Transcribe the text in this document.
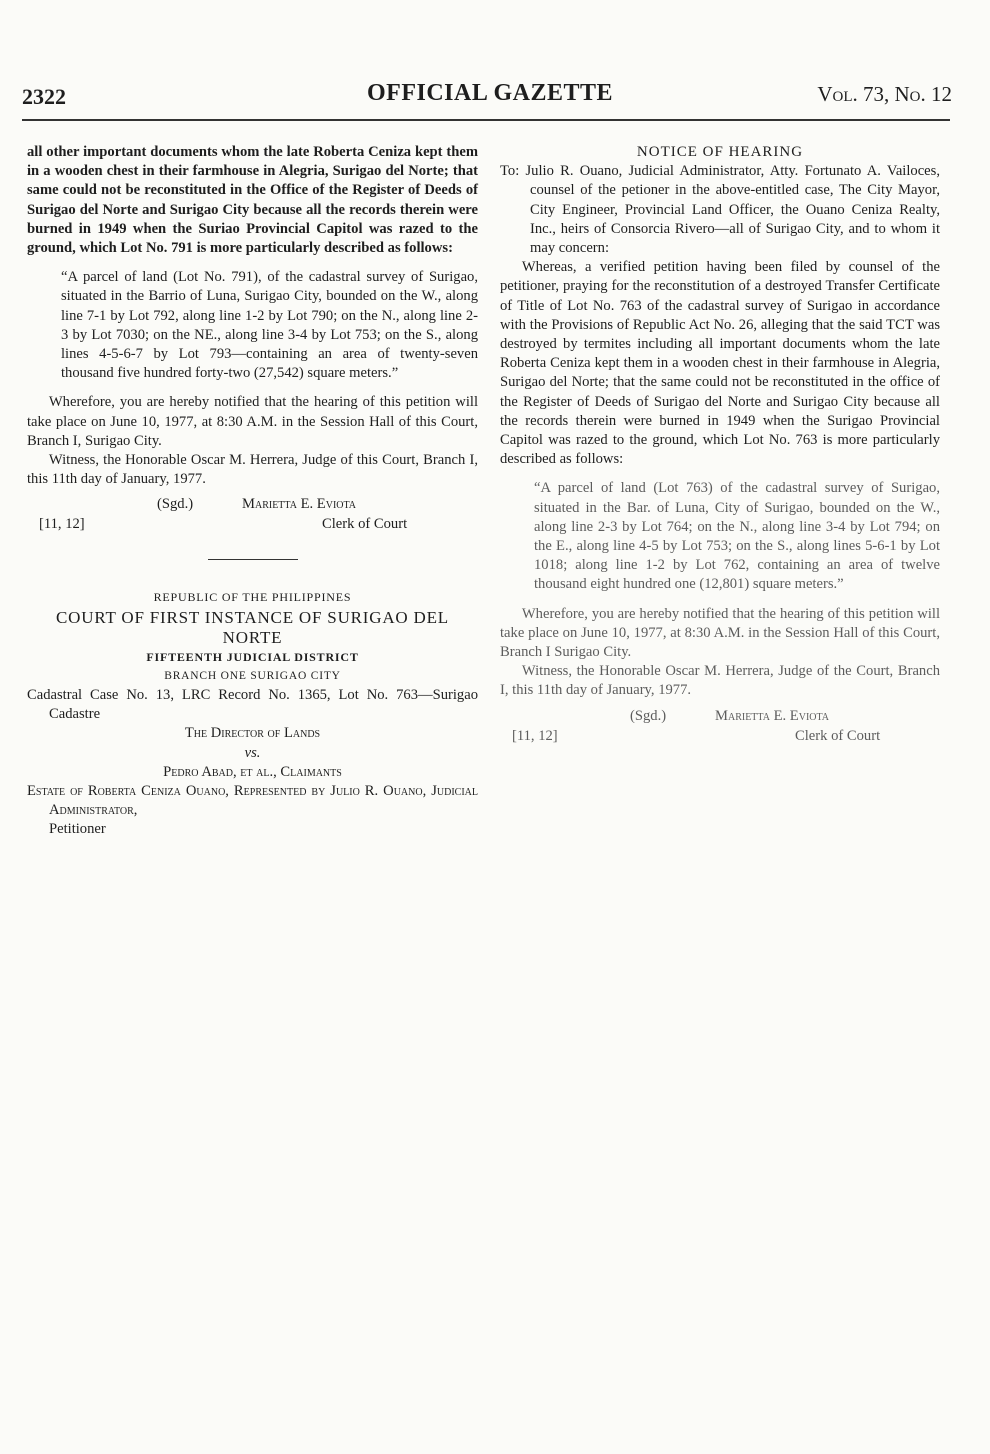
2322	OFFICIAL GAZETTE	Vol. 73, No. 12

all other important documents whom the late Roberta Ceniza kept them in a wooden chest in their farmhouse in Alegria, Surigao del Norte; that same could not be reconstituted in the Office of the Register of Deeds of Surigao del Norte and Surigao City because all the records therein were burned in 1949 when the Suriao Provincial Capitol was razed to the ground, which Lot No. 791 is more particularly described as follows:

“A parcel of land (Lot No. 791), of the cadastral survey of Surigao, situated in the Barrio of Luna, Surigao City, bounded on the W., along line 7-1 by Lot 792, along line 1-2 by Lot 790; on the N., along line 2-3 by Lot 7030; on the NE., along line 3-4 by Lot 753; on the S., along lines 4-5-6-7 by Lot 793—containing an area of twenty-seven thousand five hundred forty-two (27,542) square meters.”

Wherefore, you are hereby notified that the hearing of this petition will take place on June 10, 1977, at 8:30 A.M. in the Session Hall of this Court, Branch I, Surigao City.

Witness, the Honorable Oscar M. Herrera, Judge of this Court, Branch I, this 11th day of January, 1977.

(Sgd.)	Marietta E. Eviota
[11, 12]	Clerk of Court

REPUBLIC OF THE PHILIPPINES

COURT OF FIRST INSTANCE OF SURIGAO DEL NORTE

FIFTEENTH JUDICIAL DISTRICT

BRANCH ONE SURIGAO CITY

Cadastral Case No. 13, LRC Record No. 1365, Lot No. 763—Surigao Cadastre

The Director of Lands

vs.

Pedro Abad, et al., Claimants

Estate of Roberta Ceniza Ouano, Represented by Julio R. Ouano, Judicial Administrator,

Petitioner

NOTICE OF HEARING

To: Julio R. Ouano, Judicial Administrator, Atty. Fortunato A. Vailoces, counsel of the petioner in the above-entitled case, The City Mayor, City Engineer, Provincial Land Officer, the Ouano Ceniza Realty, Inc., heirs of Consorcia Rivero—all of Surigao City, and to whom it may concern:

Whereas, a verified petition having been filed by counsel of the petitioner, praying for the reconstitution of a destroyed Transfer Certificate of Title of Lot No. 763 of the cadastral survey of Surigao in accordance with the Provisions of Republic Act No. 26, alleging that the said TCT was destroyed by termites including all important documents whom the late Roberta Ceniza kept them in a wooden chest in their farmhouse in Alegria, Surigao del Norte; that the same could not be reconstituted in the office of the Register of Deeds of Surigao del Norte and Surigao City because all the records therein were burned in 1949 when the Surigao Provincial Capitol was razed to the ground, which Lot No. 763 is more particularly described as follows:

“A parcel of land (Lot 763) of the cadastral survey of Surigao, situated in the Bar. of Luna, City of Surigao, bounded on the W., along line 2-3 by Lot 764; on the N., along line 3-4 by Lot 794; on the E., along line 4-5 by Lot 753; on the S., along lines 5-6-1 by Lot 1018; along line 1-2 by Lot 762, containing an area of twelve thousand eight hundred one (12,801) square meters.”

Wherefore, you are hereby notified that the hearing of this petition will take place on June 10, 1977, at 8:30 A.M. in the Session Hall of this Court, Branch I Surigao City.

Witness, the Honorable Oscar M. Herrera, Judge of the Court, Branch I, this 11th day of January, 1977.

(Sgd.)	Marietta E. Eviota
[11, 12]	Clerk of Court
